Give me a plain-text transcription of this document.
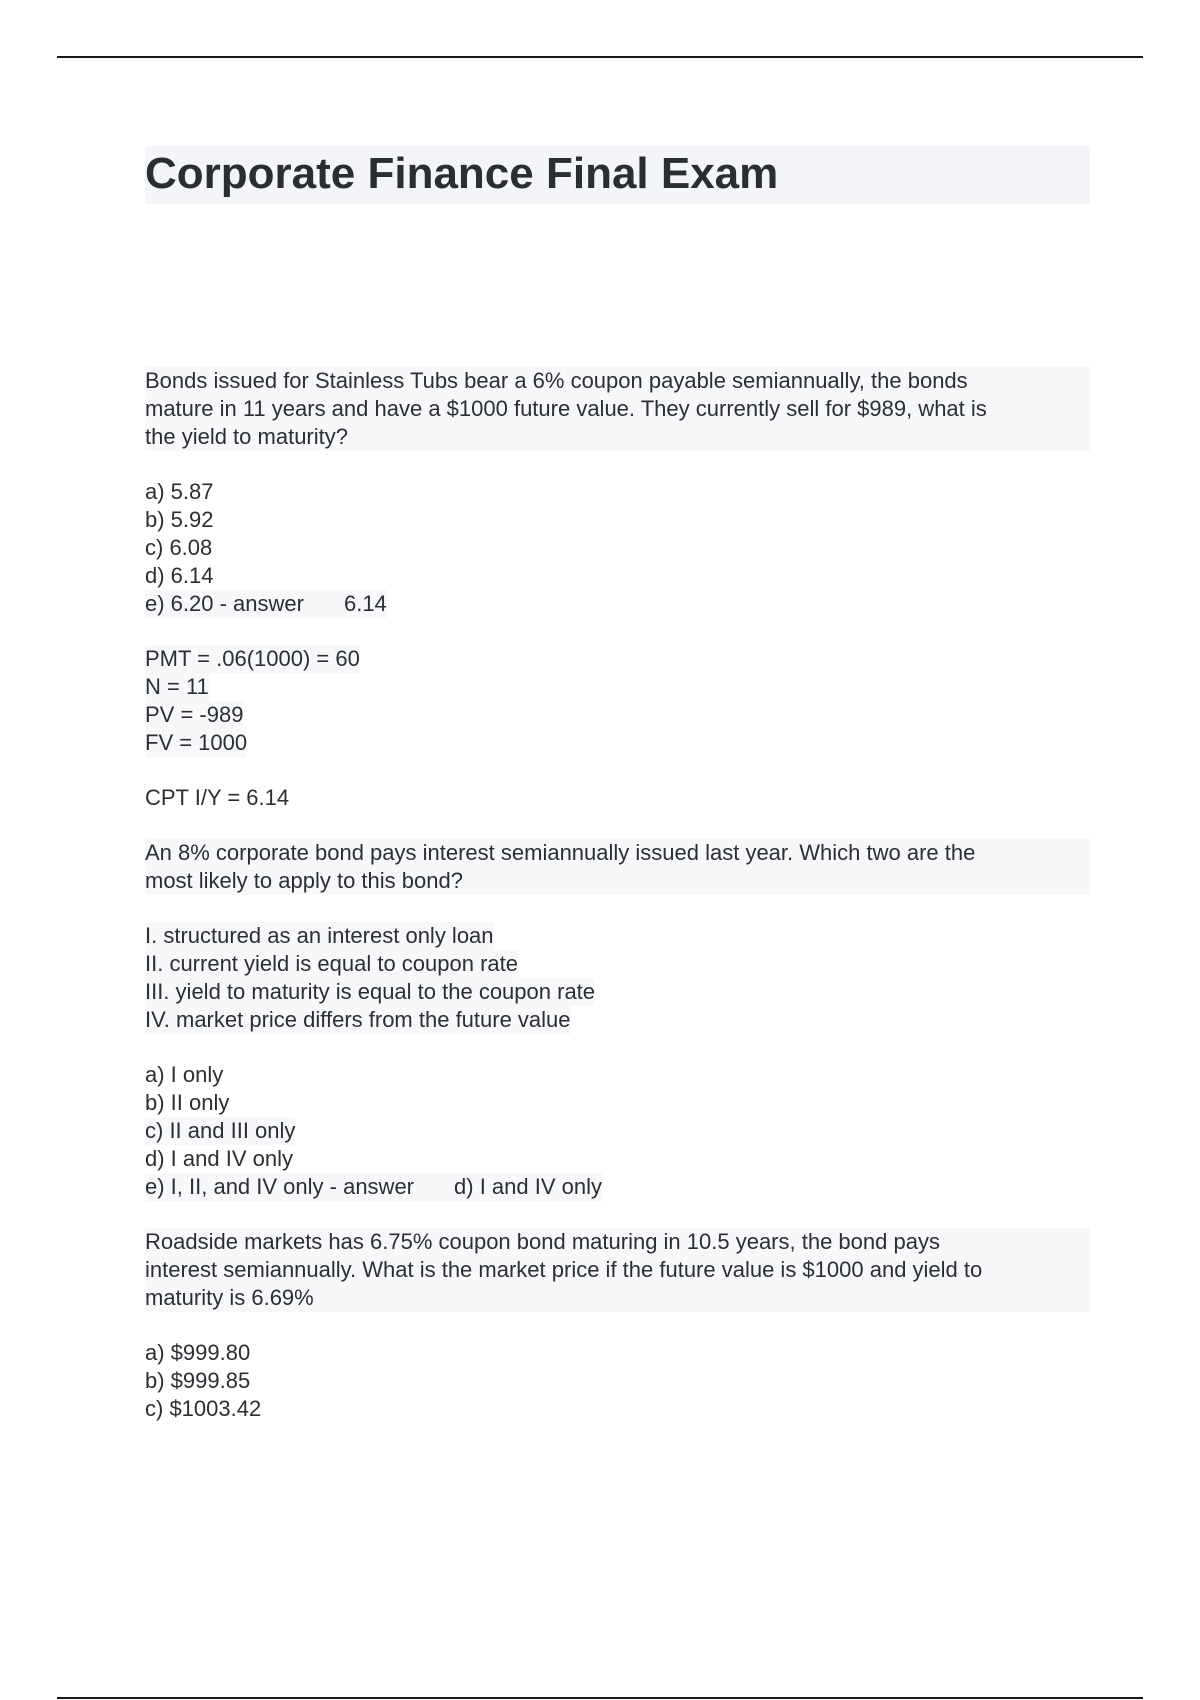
Corporate Finance Final Exam
Bonds issued for Stainless Tubs bear a 6% coupon payable semiannually, the bonds
mature in 11 years and have a $1000 future value. They currently sell for $989, what is
the yield to maturity?
a) 5.87
b) 5.92
c) 6.08
d) 6.14
e) 6.20 - answer 6.14
PMT = .06(1000) = 60
N = 11
PV = -989
FV = 1000
CPT I/Y = 6.14
An 8% corporate bond pays interest semiannually issued last year. Which two are the
most likely to apply to this bond?
I. structured as an interest only loan
II. current yield is equal to coupon rate
III. yield to maturity is equal to the coupon rate
IV. market price differs from the future value
a) I only
b) II only
c) II and III only
d) I and IV only
e) I, II, and IV only - answer d) I and IV only
Roadside markets has 6.75% coupon bond maturing in 10.5 years, the bond pays
interest semiannually. What is the market price if the future value is $1000 and yield to
maturity is 6.69%
a) $999.80
b) $999.85
c) $1003.42
